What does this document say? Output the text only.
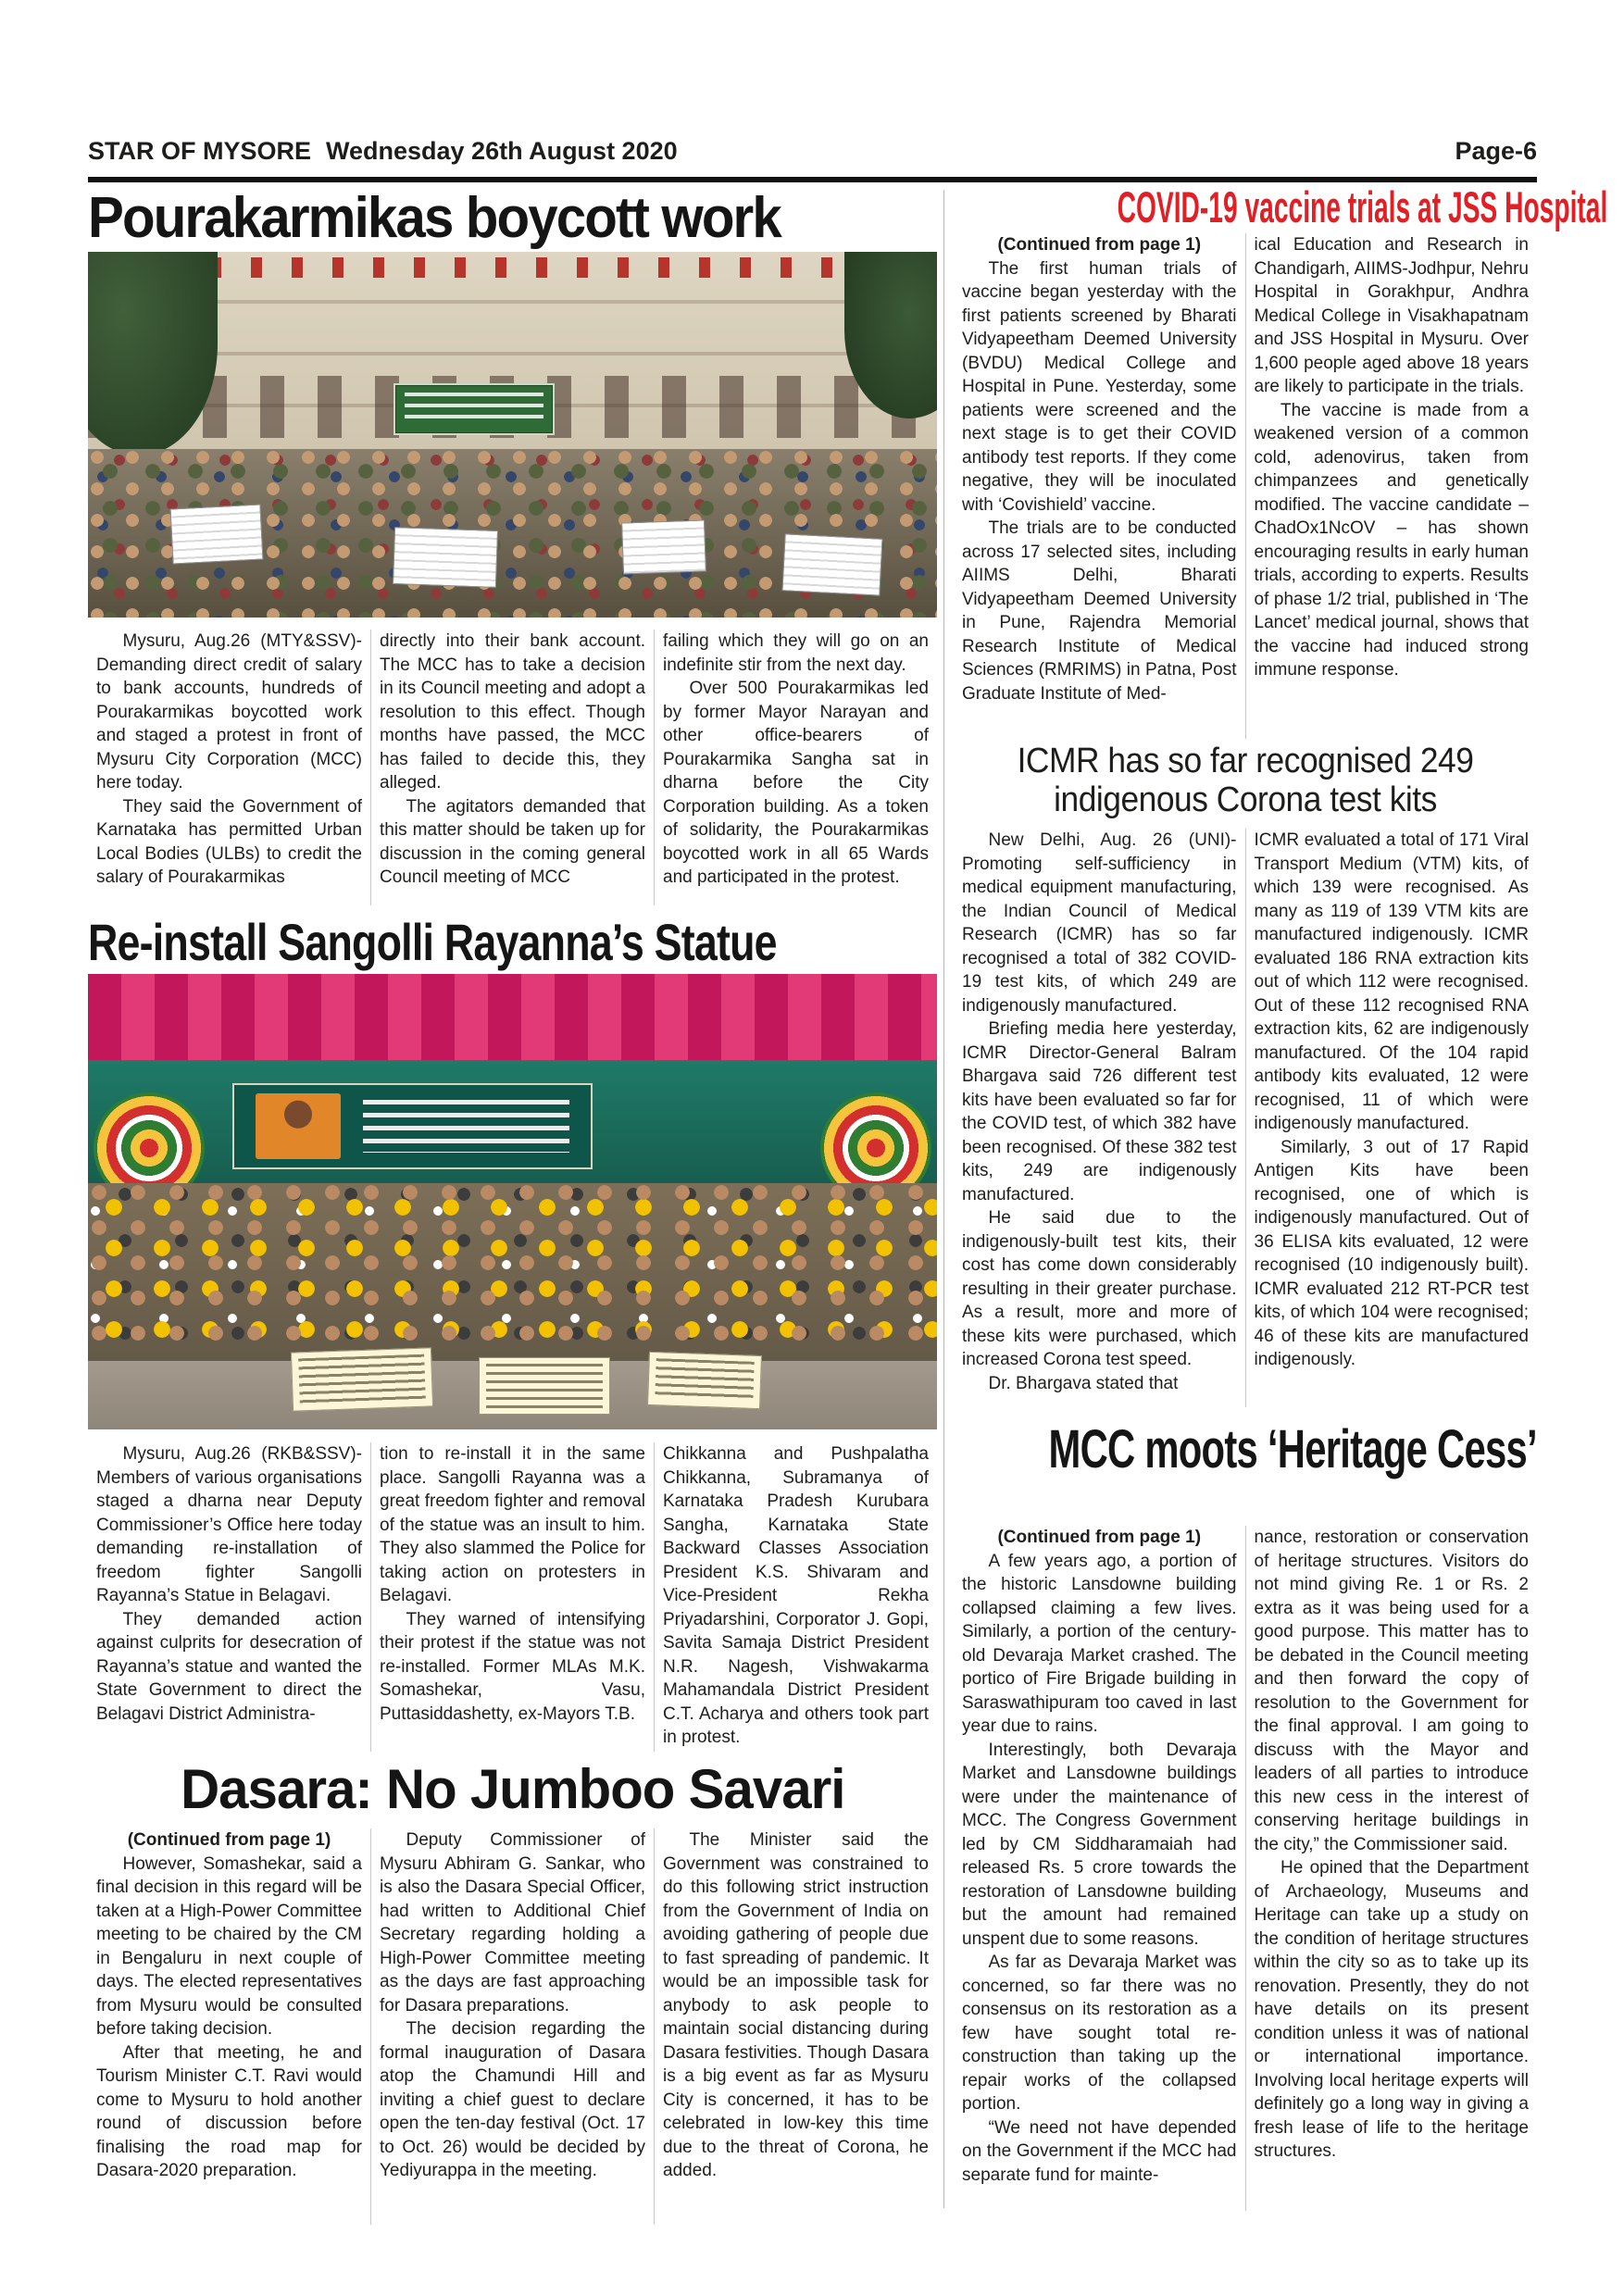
STAR OF MYSORE Wednesday 26th August 2020	Page-6
Pourakarmikas boycott work

Mysuru, Aug.26 (MTY&SSV)- Demanding direct credit of salary to bank accounts, hundreds of Pourakarmikas boycotted work and staged a protest in front of Mysuru City Corporation (MCC) here today.

They said the Government of Karnataka has permitted Urban Local Bodies (ULBs) to credit the salary of Pourakarmikas

directly into their bank account. The MCC has to take a decision in its Council meeting and adopt a resolution to this effect. Though months have passed, the MCC has failed to decide this, they alleged.

The agitators demanded that this matter should be taken up for discussion in the coming general Council meeting of MCC

failing which they will go on an indefinite stir from the next day.

Over 500 Pourakarmikas led by former Mayor Narayan and other office-bearers of Pourakarmika Sangha sat in dharna before the City Corporation building. As a token of solidarity, the Pourakarmikas boycotted work in all 65 Wards and participated in the protest.

Re-install Sangolli Rayanna’s Statue

Mysuru, Aug.26 (RKB&SSV)- Members of various organisations staged a dharna near Deputy Commissioner’s Office here today demanding re-installation of freedom fighter Sangolli Rayanna’s Statue in Belagavi.

They demanded action against culprits for desecration of Rayanna’s statue and wanted the State Government to direct the Belagavi District Administra-

tion to re-install it in the same place. Sangolli Rayanna was a great freedom fighter and removal of the statue was an insult to him. They also slammed the Police for taking action on protesters in Belagavi.

They warned of intensifying their protest if the statue was not re-installed. Former MLAs M.K. Somashekar, Vasu, Puttasiddashetty, ex-Mayors T.B.

Chikkanna and Pushpalatha Chikkanna, Subramanya of Karnataka Pradesh Kurubara Sangha, Karnataka State Backward Classes Association President K.S. Shivaram and Vice-President Rekha Priyadarshini, Corporator J. Gopi, Savita Samaja District President N.R. Nagesh, Vishwakarma Mahamandala District President C.T. Acharya and others took part in protest.

Dasara: No Jumboo Savari

(Continued from page 1)

However, Somashekar, said a final decision in this regard will be taken at a High-Power Committee meeting to be chaired by the CM in Bengaluru in next couple of days. The elected representatives from Mysuru would be consulted before taking decision.

After that meeting, he and Tourism Minister C.T. Ravi would come to Mysuru to hold another round of discussion before finalising the road map for Dasara-2020 preparation.

Deputy Commissioner of Mysuru Abhiram G. Sankar, who is also the Dasara Special Officer, had written to Additional Chief Secretary regarding holding a High-Power Committee meeting as the days are fast approaching for Dasara preparations.

The decision regarding the formal inauguration of Dasara atop the Chamundi Hill and inviting a chief guest to declare open the ten-day festival (Oct. 17 to Oct. 26) would be decided by Yediyurappa in the meeting.

The Minister said the Government was constrained to do this following strict instruction from the Government of India on avoiding gathering of people due to fast spreading of pandemic. It would be an impossible task for anybody to ask people to maintain social distancing during Dasara festivities. Though Dasara is a big event as far as Mysuru City is concerned, it has to be celebrated in low-key this time due to the threat of Corona, he added.

COVID-19 vaccine trials at JSS Hospital

(Continued from page 1)

The first human trials of vaccine began yesterday with the first patients screened by Bharati Vidyapeetham Deemed University (BVDU) Medical College and Hospital in Pune. Yesterday, some patients were screened and the next stage is to get their COVID antibody test reports. If they come negative, they will be inoculated with ‘Covishield’ vaccine.

The trials are to be conducted across 17 selected sites, including AIIMS Delhi, Bharati Vidyapeetham Deemed University in Pune, Rajendra Memorial Research Institute of Medical Sciences (RMRIMS) in Patna, Post Graduate Institute of Med-

ical Education and Research in Chandigarh, AIIMS-Jodhpur, Nehru Hospital in Gorakhpur, Andhra Medical College in Visakhapatnam and JSS Hospital in Mysuru. Over 1,600 people aged above 18 years are likely to participate in the trials.

The vaccine is made from a weakened version of a common cold, adenovirus, taken from chimpanzees and genetically modified. The vaccine candidate – ChadOx1NcOV – has shown encouraging results in early human trials, according to experts. Results of phase 1/2 trial, published in ‘The Lancet’ medical journal, shows that the vaccine had induced strong immune response.

ICMR has so far recognised 249
indigenous Corona test kits

New Delhi, Aug. 26 (UNI)- Promoting self-sufficiency in medical equipment manufacturing, the Indian Council of Medical Research (ICMR) has so far recognised a total of 382 COVID-19 test kits, of which 249 are indigenously manufactured.

Briefing media here yesterday, ICMR Director-General Balram Bhargava said 726 different test kits have been evaluated so far for the COVID test, of which 382 have been recognised. Of these 382 test kits, 249 are indigenously manufactured.

He said due to the indigenously-built test kits, their cost has come down considerably resulting in their greater purchase. As a result, more and more of these kits were purchased, which increased Corona test speed.

Dr. Bhargava stated that

ICMR evaluated a total of 171 Viral Transport Medium (VTM) kits, of which 139 were recognised. As many as 119 of 139 VTM kits are manufactured indigenously. ICMR evaluated 186 RNA extraction kits out of which 112 were recognised. Out of these 112 recognised RNA extraction kits, 62 are indigenously manufactured. Of the 104 rapid antibody kits evaluated, 12 were recognised, 11 of which were indigenously manufactured.

Similarly, 3 out of 17 Rapid Antigen Kits have been recognised, one of which is indigenously manufactured. Out of 36 ELISA kits evaluated, 12 were recognised (10 indigenously built). ICMR evaluated 212 RT-PCR test kits, of which 104 were recognised; 46 of these kits are manufactured indigenously.

MCC moots ‘Heritage Cess’

(Continued from page 1)

A few years ago, a portion of the historic Lansdowne building collapsed claiming a few lives. Similarly, a portion of the century-old Devaraja Market crashed. The portico of Fire Brigade building in Saraswathipuram too caved in last year due to rains.

Interestingly, both Devaraja Market and Lansdowne buildings were under the maintenance of MCC. The Congress Government led by CM Siddharamaiah had released Rs. 5 crore towards the restoration of Lansdowne building but the amount had remained unspent due to some reasons.

As far as Devaraja Market was concerned, so far there was no consensus on its restoration as a few have sought total re-construction than taking up the repair works of the collapsed portion.

“We need not have depended on the Government if the MCC had separate fund for mainte-

nance, restoration or conservation of heritage structures. Visitors do not mind giving Re. 1 or Rs. 2 extra as it was being used for a good purpose. This matter has to be debated in the Council meeting and then forward the copy of resolution to the Government for the final approval. I am going to discuss with the Mayor and leaders of all parties to introduce this new cess in the interest of conserving heritage buildings in the city,” the Commissioner said.

He opined that the Department of Archaeology, Museums and Heritage can take up a study on the condition of heritage structures within the city so as to take up its renovation. Presently, they do not have details on its present condition unless it was of national or international importance. Involving local heritage experts will definitely go a long way in giving a fresh lease of life to the heritage structures.
